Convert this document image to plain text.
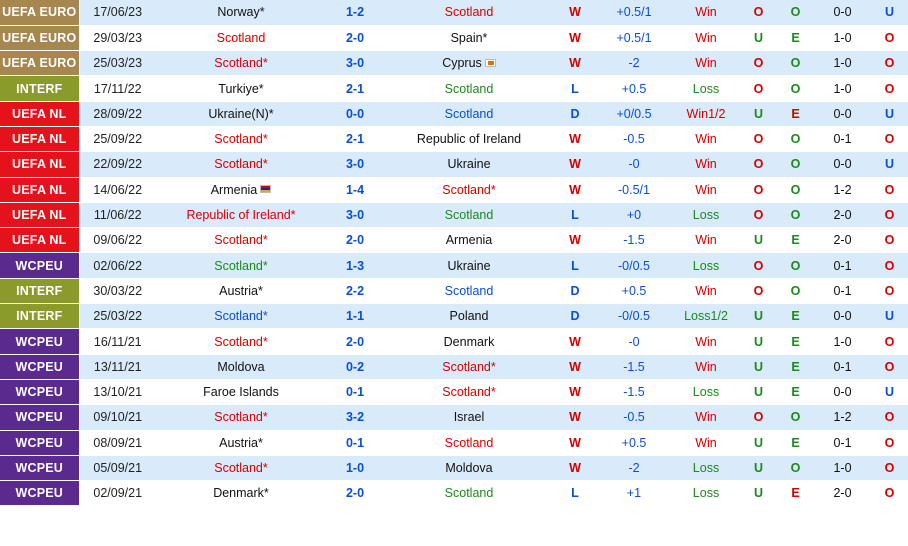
UEFA EURO	17/06/23	Norway*	1-2	Scotland	W	+0.5/1	Win	O	O	0-0	U
UEFA EURO	29/03/23	Scotland	2-0	Spain*	W	+0.5/1	Win	U	E	1-0	O
UEFA EURO	25/03/23	Scotland*	3-0	Cyprus	W	-2	Win	O	O	1-0	O
INTERF	17/11/22	Turkiye*	2-1	Scotland	L	+0.5	Loss	O	O	1-0	O
UEFA NL	28/09/22	Ukraine(N)*	0-0	Scotland	D	+0/0.5	Win1/2	U	E	0-0	U
UEFA NL	25/09/22	Scotland*	2-1	Republic of Ireland	W	-0.5	Win	O	O	0-1	O
UEFA NL	22/09/22	Scotland*	3-0	Ukraine	W	-0	Win	O	O	0-0	U
UEFA NL	14/06/22	Armenia	1-4	Scotland*	W	-0.5/1	Win	O	O	1-2	O
UEFA NL	11/06/22	Republic of Ireland*	3-0	Scotland	L	+0	Loss	O	O	2-0	O
UEFA NL	09/06/22	Scotland*	2-0	Armenia	W	-1.5	Win	U	E	2-0	O
WCPEU	02/06/22	Scotland*	1-3	Ukraine	L	-0/0.5	Loss	O	O	0-1	O
INTERF	30/03/22	Austria*	2-2	Scotland	D	+0.5	Win	O	O	0-1	O
INTERF	25/03/22	Scotland*	1-1	Poland	D	-0/0.5	Loss1/2	U	E	0-0	U
WCPEU	16/11/21	Scotland*	2-0	Denmark	W	-0	Win	U	E	1-0	O
WCPEU	13/11/21	Moldova	0-2	Scotland*	W	-1.5	Win	U	E	0-1	O
WCPEU	13/10/21	Faroe Islands	0-1	Scotland*	W	-1.5	Loss	U	E	0-0	U
WCPEU	09/10/21	Scotland*	3-2	Israel	W	-0.5	Win	O	O	1-2	O
WCPEU	08/09/21	Austria*	0-1	Scotland	W	+0.5	Win	U	E	0-1	O
WCPEU	05/09/21	Scotland*	1-0	Moldova	W	-2	Loss	U	O	1-0	O
WCPEU	02/09/21	Denmark*	2-0	Scotland	L	+1	Loss	U	E	2-0	O
